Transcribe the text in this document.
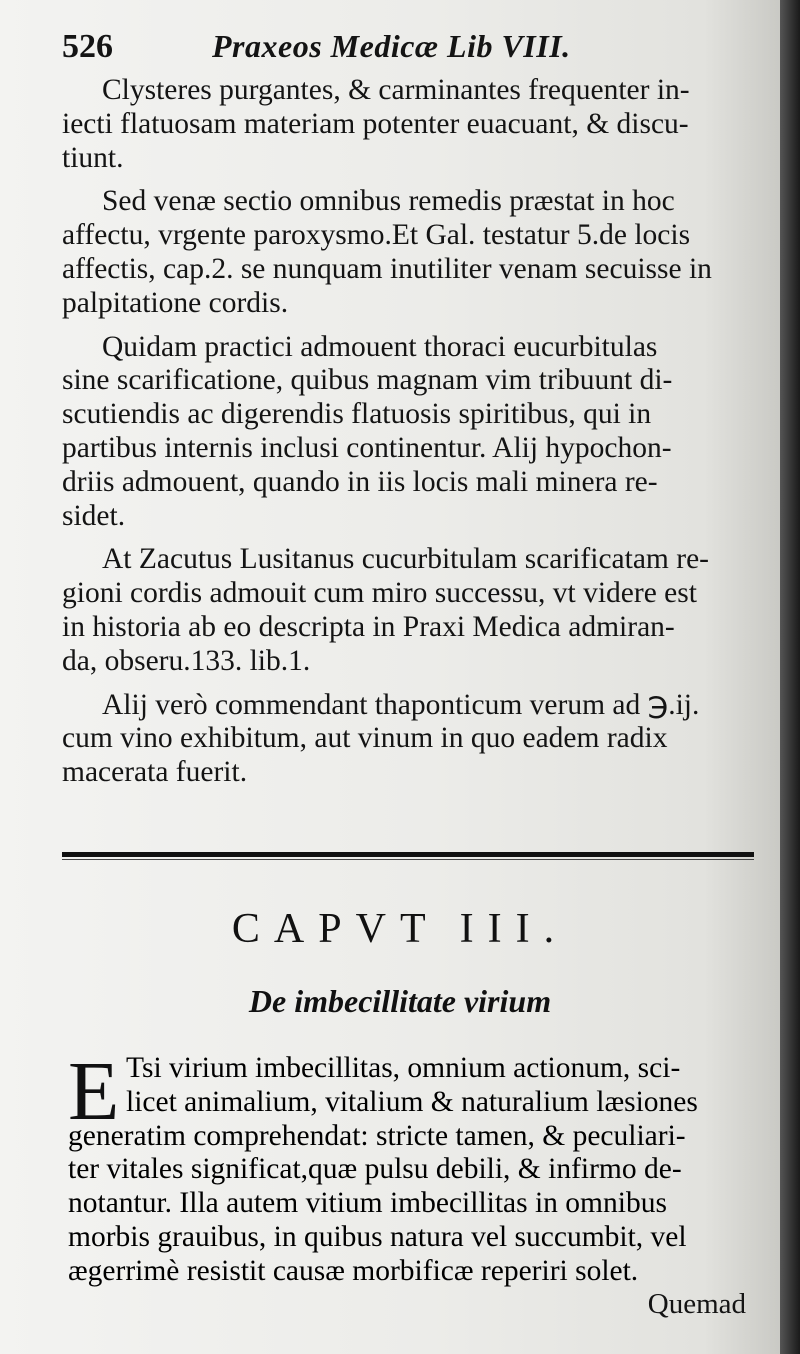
526	Praxeos Medicæ Lib VIII.
Clysteres purgantes, & carminantes frequenter in-
iecti flatuosam materiam potenter euacuant, & discu-
tiunt.
Sed venæ sectio omnibus remedis præstat in hoc
affectu, vrgente paroxysmo.Et Gal. testatur 5.de locis
affectis, cap.2. se nunquam inutiliter venam secuisse in
palpitatione cordis.
Quidam practici admouent thoraci eucurbitulas
sine scarificatione, quibus magnam vim tribuunt di-
scutiendis ac digerendis flatuosis spiritibus, qui in
partibus internis inclusi continentur. Alij hypochon-
driis admouent, quando in iis locis mali minera re-
sidet.
At Zacutus Lusitanus cucurbitulam scarificatam re-
gioni cordis admouit cum miro successu, vt videre est
in historia ab eo descripta in Praxi Medica admiran-
da, obseru.133. lib.1.
Alij verò commendant thaponticum verum ad ℈.ij.
cum vino exhibitum, aut vinum in quo eadem radix
macerata fuerit.
CAPVT III.
De imbecillitate virium
E Tsi virium imbecillitas, omnium actionum, sci-
licet animalium, vitalium & naturalium læsiones
generatim comprehendat: stricte tamen, & peculiari-
ter vitales significat,quæ pulsu debili, & infirmo de-
notantur. Illa autem vitium imbecillitas in omnibus
morbis grauibus, in quibus natura vel succumbit, vel
ægerrimè resistit causæ morbificæ reperiri solet.
Quemad
